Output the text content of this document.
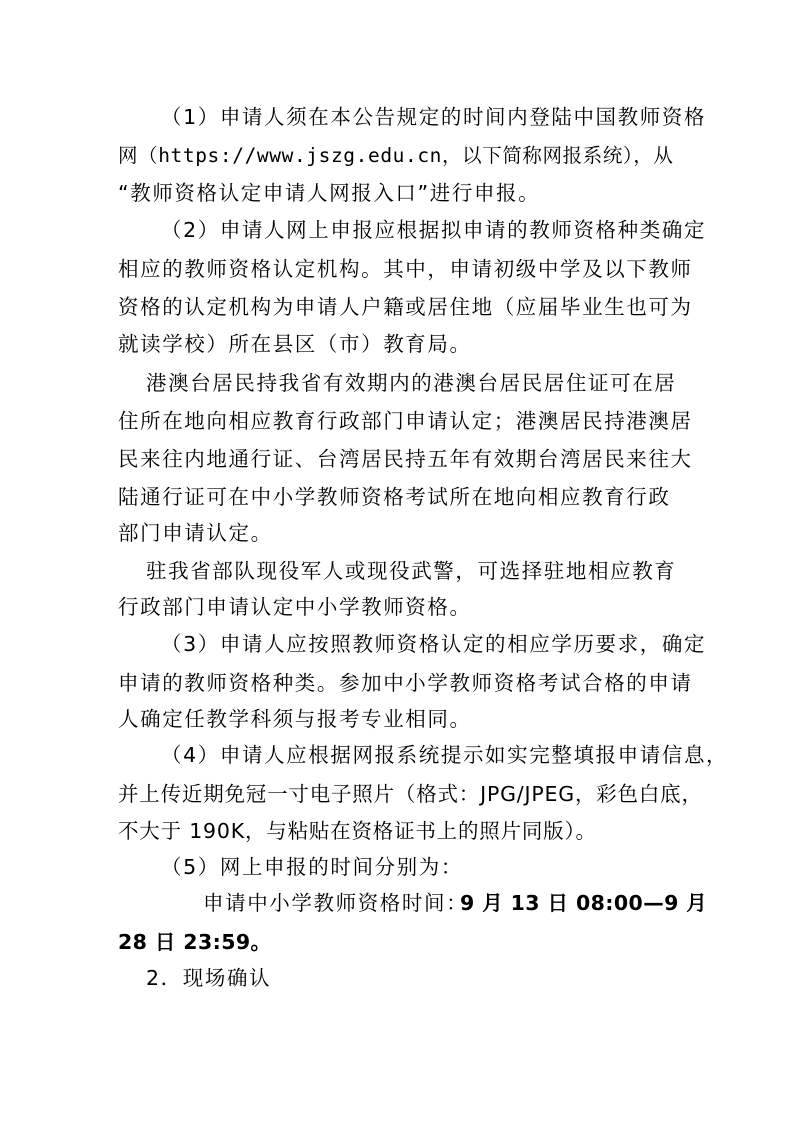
（1）申请人须在本公告规定的时间内登陆中国教师资格
网（https://www.jszg.edu.cn，以下简称网报系统），从
“教师资格认定申请人网报入口”进行申报。
（2）申请人网上申报应根据拟申请的教师资格种类确定
相应的教师资格认定机构。其中，申请初级中学及以下教师
资格的认定机构为申请人户籍或居住地（应届毕业生也可为
就读学校）所在县区（市）教育局。
港澳台居民持我省有效期内的港澳台居民居住证可在居
住所在地向相应教育行政部门申请认定；港澳居民持港澳居
民来往内地通行证、台湾居民持五年有效期台湾居民来往大
陆通行证可在中小学教师资格考试所在地向相应教育行政
部门申请认定。
驻我省部队现役军人或现役武警，可选择驻地相应教育
行政部门申请认定中小学教师资格。
（3）申请人应按照教师资格认定的相应学历要求，确定
申请的教师资格种类。参加中小学教师资格考试合格的申请
人确定任教学科须与报考专业相同。
（4）申请人应根据网报系统提示如实完整填报申请信息，
并上传近期免冠一寸电子照片（格式：JPG/JPEG，彩色白底，
不大于 190K，与粘贴在资格证书上的照片同版）。
（5）网上申报的时间分别为：
申请中小学教师资格时间：
9 月 13 日 08:00—9 月
28 日 23:59。
2．现场确认
